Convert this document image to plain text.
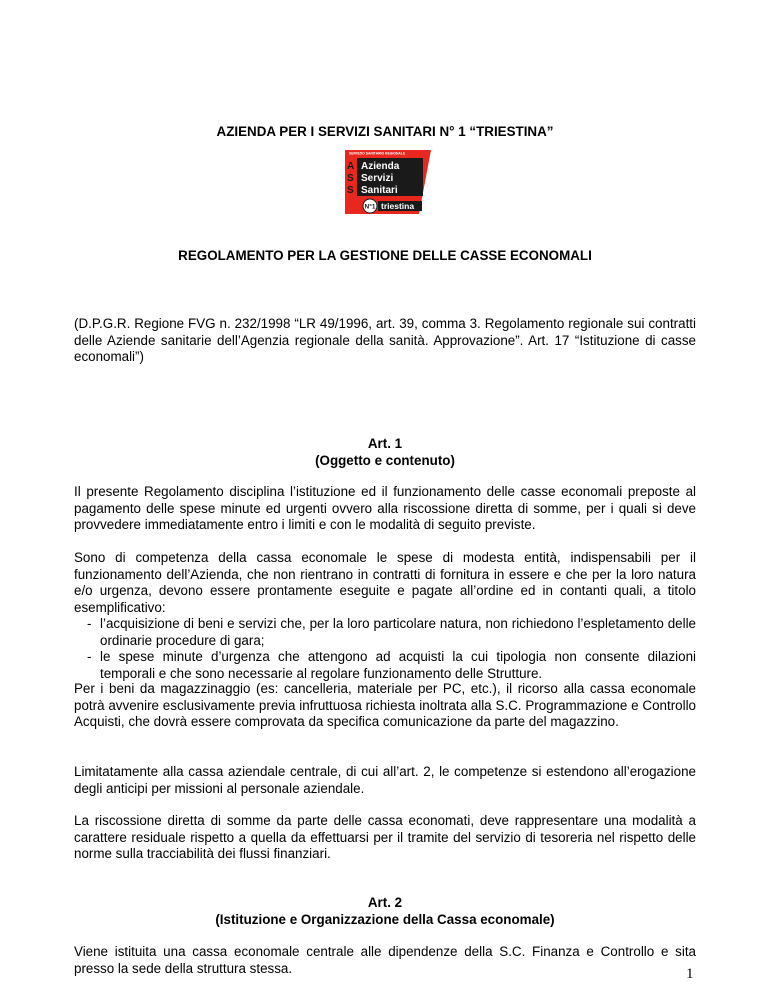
AZIENDA PER I SERVIZI SANITARI N° 1 “TRIESTINA”
SERVIZIO SANITARIO REGIONALE
A
S
S
Azienda
Servizi
Sanitari
N°1 triestina
REGOLAMENTO PER LA GESTIONE DELLE CASSE ECONOMALI
(D.P.G.R. Regione FVG n. 232/1998 “LR 49/1996, art. 39, comma 3. Regolamento regionale sui contratti delle Aziende sanitarie dell’Agenzia regionale della sanità. Approvazione”. Art. 17 “Istituzione di casse economali”)
Art. 1
(Oggetto e contenuto)

Il presente Regolamento disciplina l’istituzione ed il funzionamento delle casse economali preposte al pagamento delle spese minute ed urgenti ovvero alla riscossione diretta di somme, per i quali si deve provvedere immediatamente entro i limiti e con le modalità di seguito previste.

Sono di competenza della cassa economale le spese di modesta entità, indispensabili per il funzionamento dell’Azienda, che non rientrano in contratti di fornitura in essere e che per la loro natura e/o urgenza, devono essere prontamente eseguite e pagate all’ordine ed in contanti quali, a titolo esemplificativo:
- l’acquisizione di beni e servizi che, per la loro particolare natura, non richiedono l’espletamento delle ordinarie procedure di gara;
- le spese minute d’urgenza che attengono ad acquisti la cui tipologia non consente dilazioni temporali e che sono necessarie al regolare funzionamento delle Strutture.

Per i beni da magazzinaggio (es: cancelleria, materiale per PC, etc.), il ricorso alla cassa economale potrà avvenire esclusivamente previa infruttuosa richiesta inoltrata alla S.C. Programmazione e Controllo Acquisti, che dovrà essere comprovata da specifica comunicazione da parte del magazzino.

Limitatamente alla cassa aziendale centrale, di cui all’art. 2, le competenze si estendono all’erogazione degli anticipi per missioni al personale aziendale.

La riscossione diretta di somme da parte delle cassa economati, deve rappresentare una modalità a carattere residuale rispetto a quella da effettuarsi per il tramite del servizio di tesoreria nel rispetto delle norme sulla tracciabilità dei flussi finanziari.

Art. 2
(Istituzione e Organizzazione della Cassa economale)

Viene istituita una cassa economale centrale alle dipendenze della S.C. Finanza e Controllo e sita presso la sede della struttura stessa.	1
